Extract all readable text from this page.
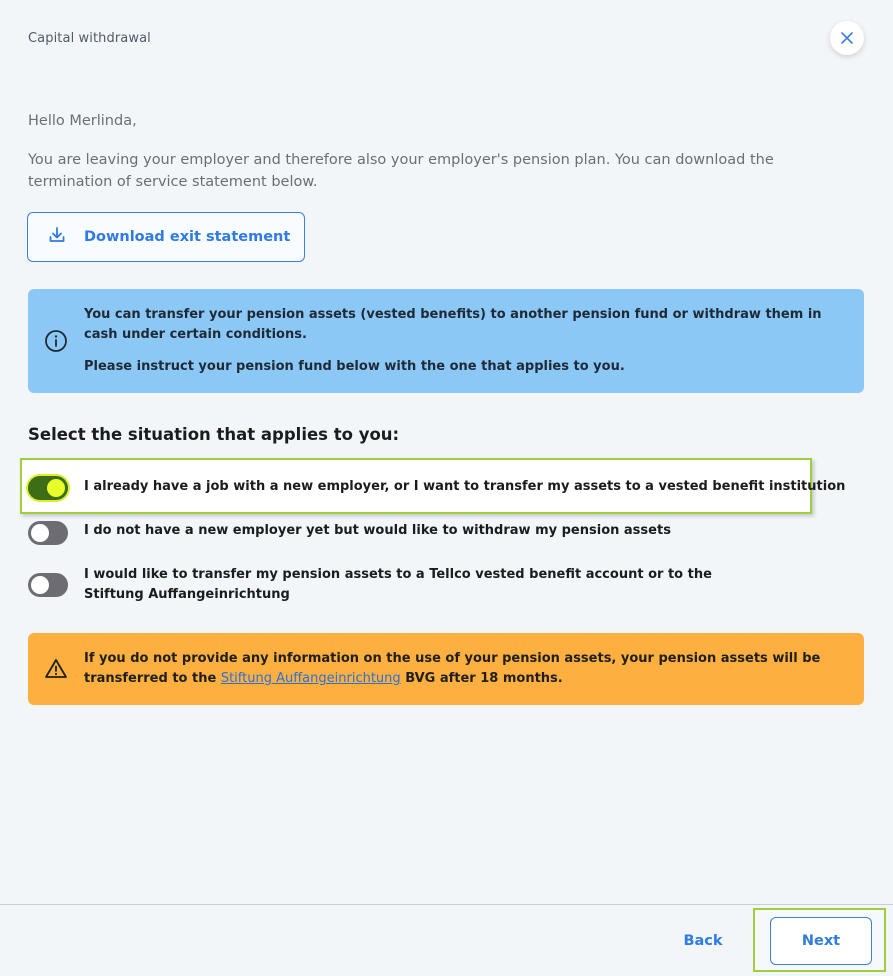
Capital withdrawal
Hello Merlinda,
You are leaving your employer and therefore also your employer's pension plan. You can download the termination of service statement below.
Download exit statement
You can transfer your pension assets (vested benefits) to another pension fund or withdraw them in cash under certain conditions.
Please instruct your pension fund below with the one that applies to you.
Select the situation that applies to you:
I already have a job with a new employer, or I want to transfer my assets to a vested benefit institution
I do not have a new employer yet but would like to withdraw my pension assets
I would like to transfer my pension assets to a Tellco vested benefit account or to the Stiftung Auffangeinrichtung
If you do not provide any information on the use of your pension assets, your pension assets will be transferred to the Stiftung Auffangeinrichtung BVG after 18 months.
Back	Next
